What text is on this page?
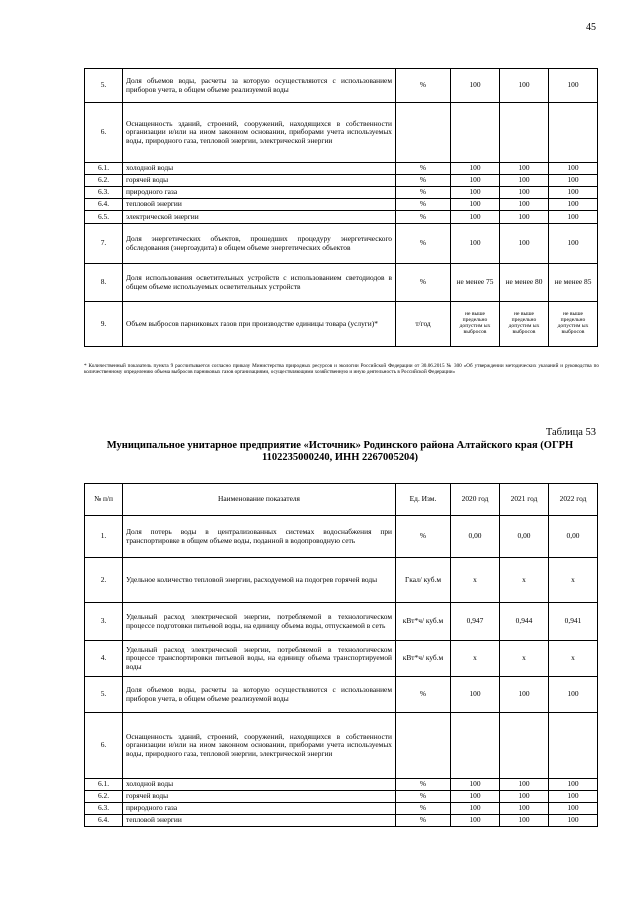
45
5.	Доля объемов воды, расчеты за которую осуществляются с использованием приборов учета, в общем объеме реализуемой воды	%	100	100	100
6.	Оснащенность зданий, строений, сооружений, находящихся в собственности организации и/или на ином законном основании, приборами учета используемых воды, природного газа, тепловой энергии, электрической энергии				
6.1.	холодной воды	%	100	100	100
6.2.	горячей воды	%	100	100	100
6.3.	природного газа	%	100	100	100
6.4.	тепловой энергии	%	100	100	100
6.5.	электрической энергии	%	100	100	100
7.	Доля энергетических объектов, прошедших процедуру энергетического обследования (энергоаудита) в общем объеме энергетических объектов	%	100	100	100
8.	Доля использования осветительных устройств с использованием светодиодов в общем объеме используемых осветительных устройств	%	не менее 75	не менее 80	не менее 85
9.	Объем выбросов парниковых газов при производстве единицы товара (услуги)*	т/год	не выше предельно допустим ых выбросов	не выше предельно допустим ых выбросов	не выше предельно допустим ых выбросов
* Количественный показатель пункта 9 рассчитывается согласно приказу Министерства природных ресурсов и экологии Российской Федерации от 30.06.2015 № 300 «Об утверждении методических указаний и руководства по количественному определению объема выбросов парниковых газов организациями, осуществляющими хозяйственную и иную деятельность в Российской Федерации»
Таблица 53
Муниципальное унитарное предприятие «Источник» Родинского района Алтайского края (ОГРН 1102235000240, ИНН 2267005204)
№ п/п	Наименование показателя	Ед. Изм.	2020 год	2021 год	2022 год
1.	Доля потерь воды в централизованных системах водоснабжения при транспортировке в общем объеме воды, поданной в водопроводную сеть	%	0,00	0,00	0,00
2.	Удельное количество тепловой энергии, расходуемой на подогрев горячей воды	Гкал/ куб.м	х	х	х
3.	Удельный расход электрической энергии, потребляемой в технологическом процессе подготовки питьевой воды, на единицу объема воды, отпускаемой в сеть	кВт*ч/ куб.м	0,947	0,944	0,941
4.	Удельный расход электрической энергии, потребляемой в технологическом процессе транспортировки питьевой воды, на единицу объема транспортируемой воды	кВт*ч/ куб.м	х	х	х
5.	Доля объемов воды, расчеты за которую осуществляются с использованием приборов учета, в общем объеме реализуемой воды	%	100	100	100
6.	Оснащенность зданий, строений, сооружений, находящихся в собственности организации и/или на ином законном основании, приборами учета используемых воды, природного газа, тепловой энергии, электрической энергии				
6.1.	холодной воды	%	100	100	100
6.2.	горячей воды	%	100	100	100
6.3.	природного газа	%	100	100	100
6.4.	тепловой энергии	%	100	100	100
